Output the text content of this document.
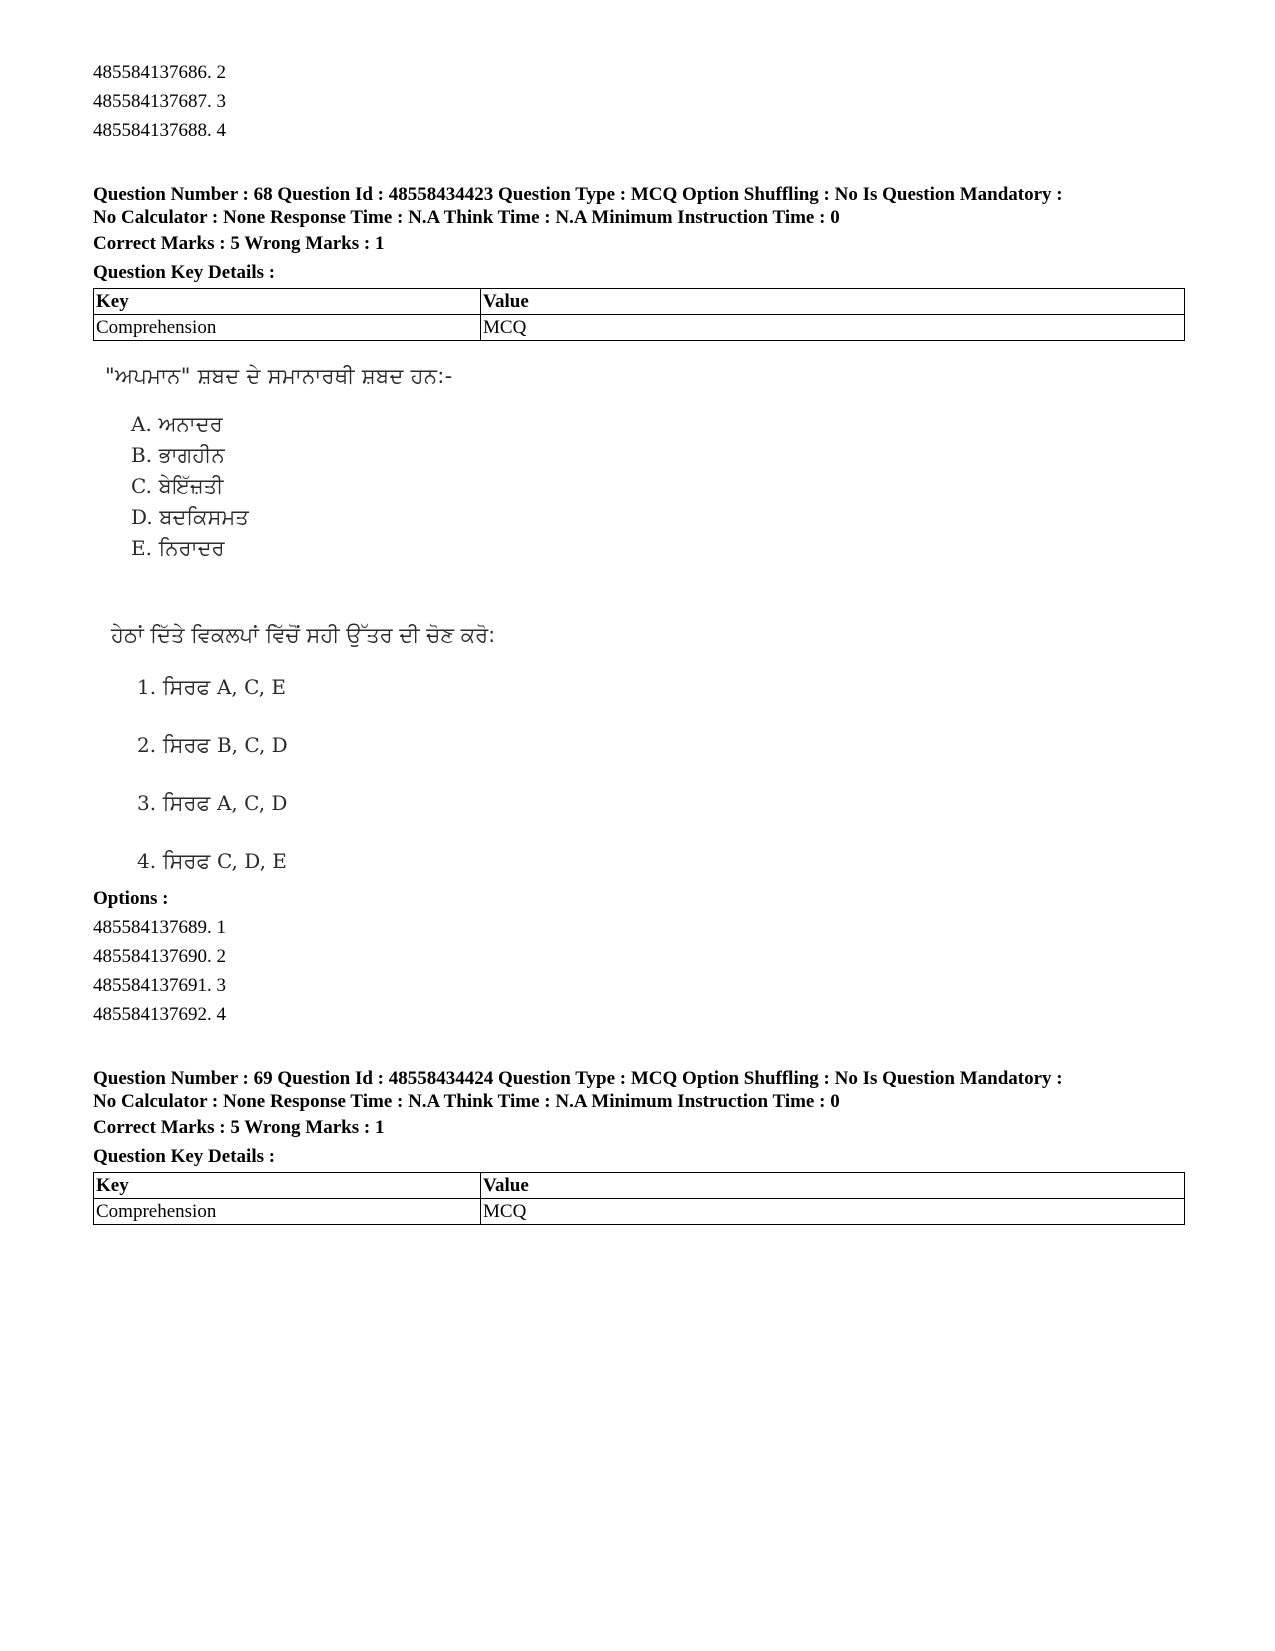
485584137686. 2
485584137687. 3
485584137688. 4
Question Number : 68 Question Id : 48558434423 Question Type : MCQ Option Shuffling : No Is Question Mandatory :
No Calculator : None Response Time : N.A Think Time : N.A Minimum Instruction Time : 0
Correct Marks : 5 Wrong Marks : 1
Question Key Details :
Key	Value
Comprehension	MCQ
"ਅਪਮਾਨ" ਸ਼ਬਦ ਦੇ ਸਮਾਨਾਰਥੀ ਸ਼ਬਦ ਹਨ:-
A. ਅਨਾਦਰ
B. ਭਾਗਹੀਨ
C. ਬੇਇੱਜ਼ਤੀ
D. ਬਦਕਿਸਮਤ
E. ਨਿਰਾਦਰ
ਹੇਠਾਂ ਦਿੱਤੇ ਵਿਕਲਪਾਂ ਵਿੱਚੋਂ ਸਹੀ ਉੱਤਰ ਦੀ ਚੋਣ ਕਰੋ:
1. ਸਿਰਫ A, C, E
2. ਸਿਰਫ B, C, D
3. ਸਿਰਫ A, C, D
4. ਸਿਰਫ C, D, E
Options :
485584137689. 1
485584137690. 2
485584137691. 3
485584137692. 4
Question Number : 69 Question Id : 48558434424 Question Type : MCQ Option Shuffling : No Is Question Mandatory :
No Calculator : None Response Time : N.A Think Time : N.A Minimum Instruction Time : 0
Correct Marks : 5 Wrong Marks : 1
Question Key Details :
Key	Value
Comprehension	MCQ
